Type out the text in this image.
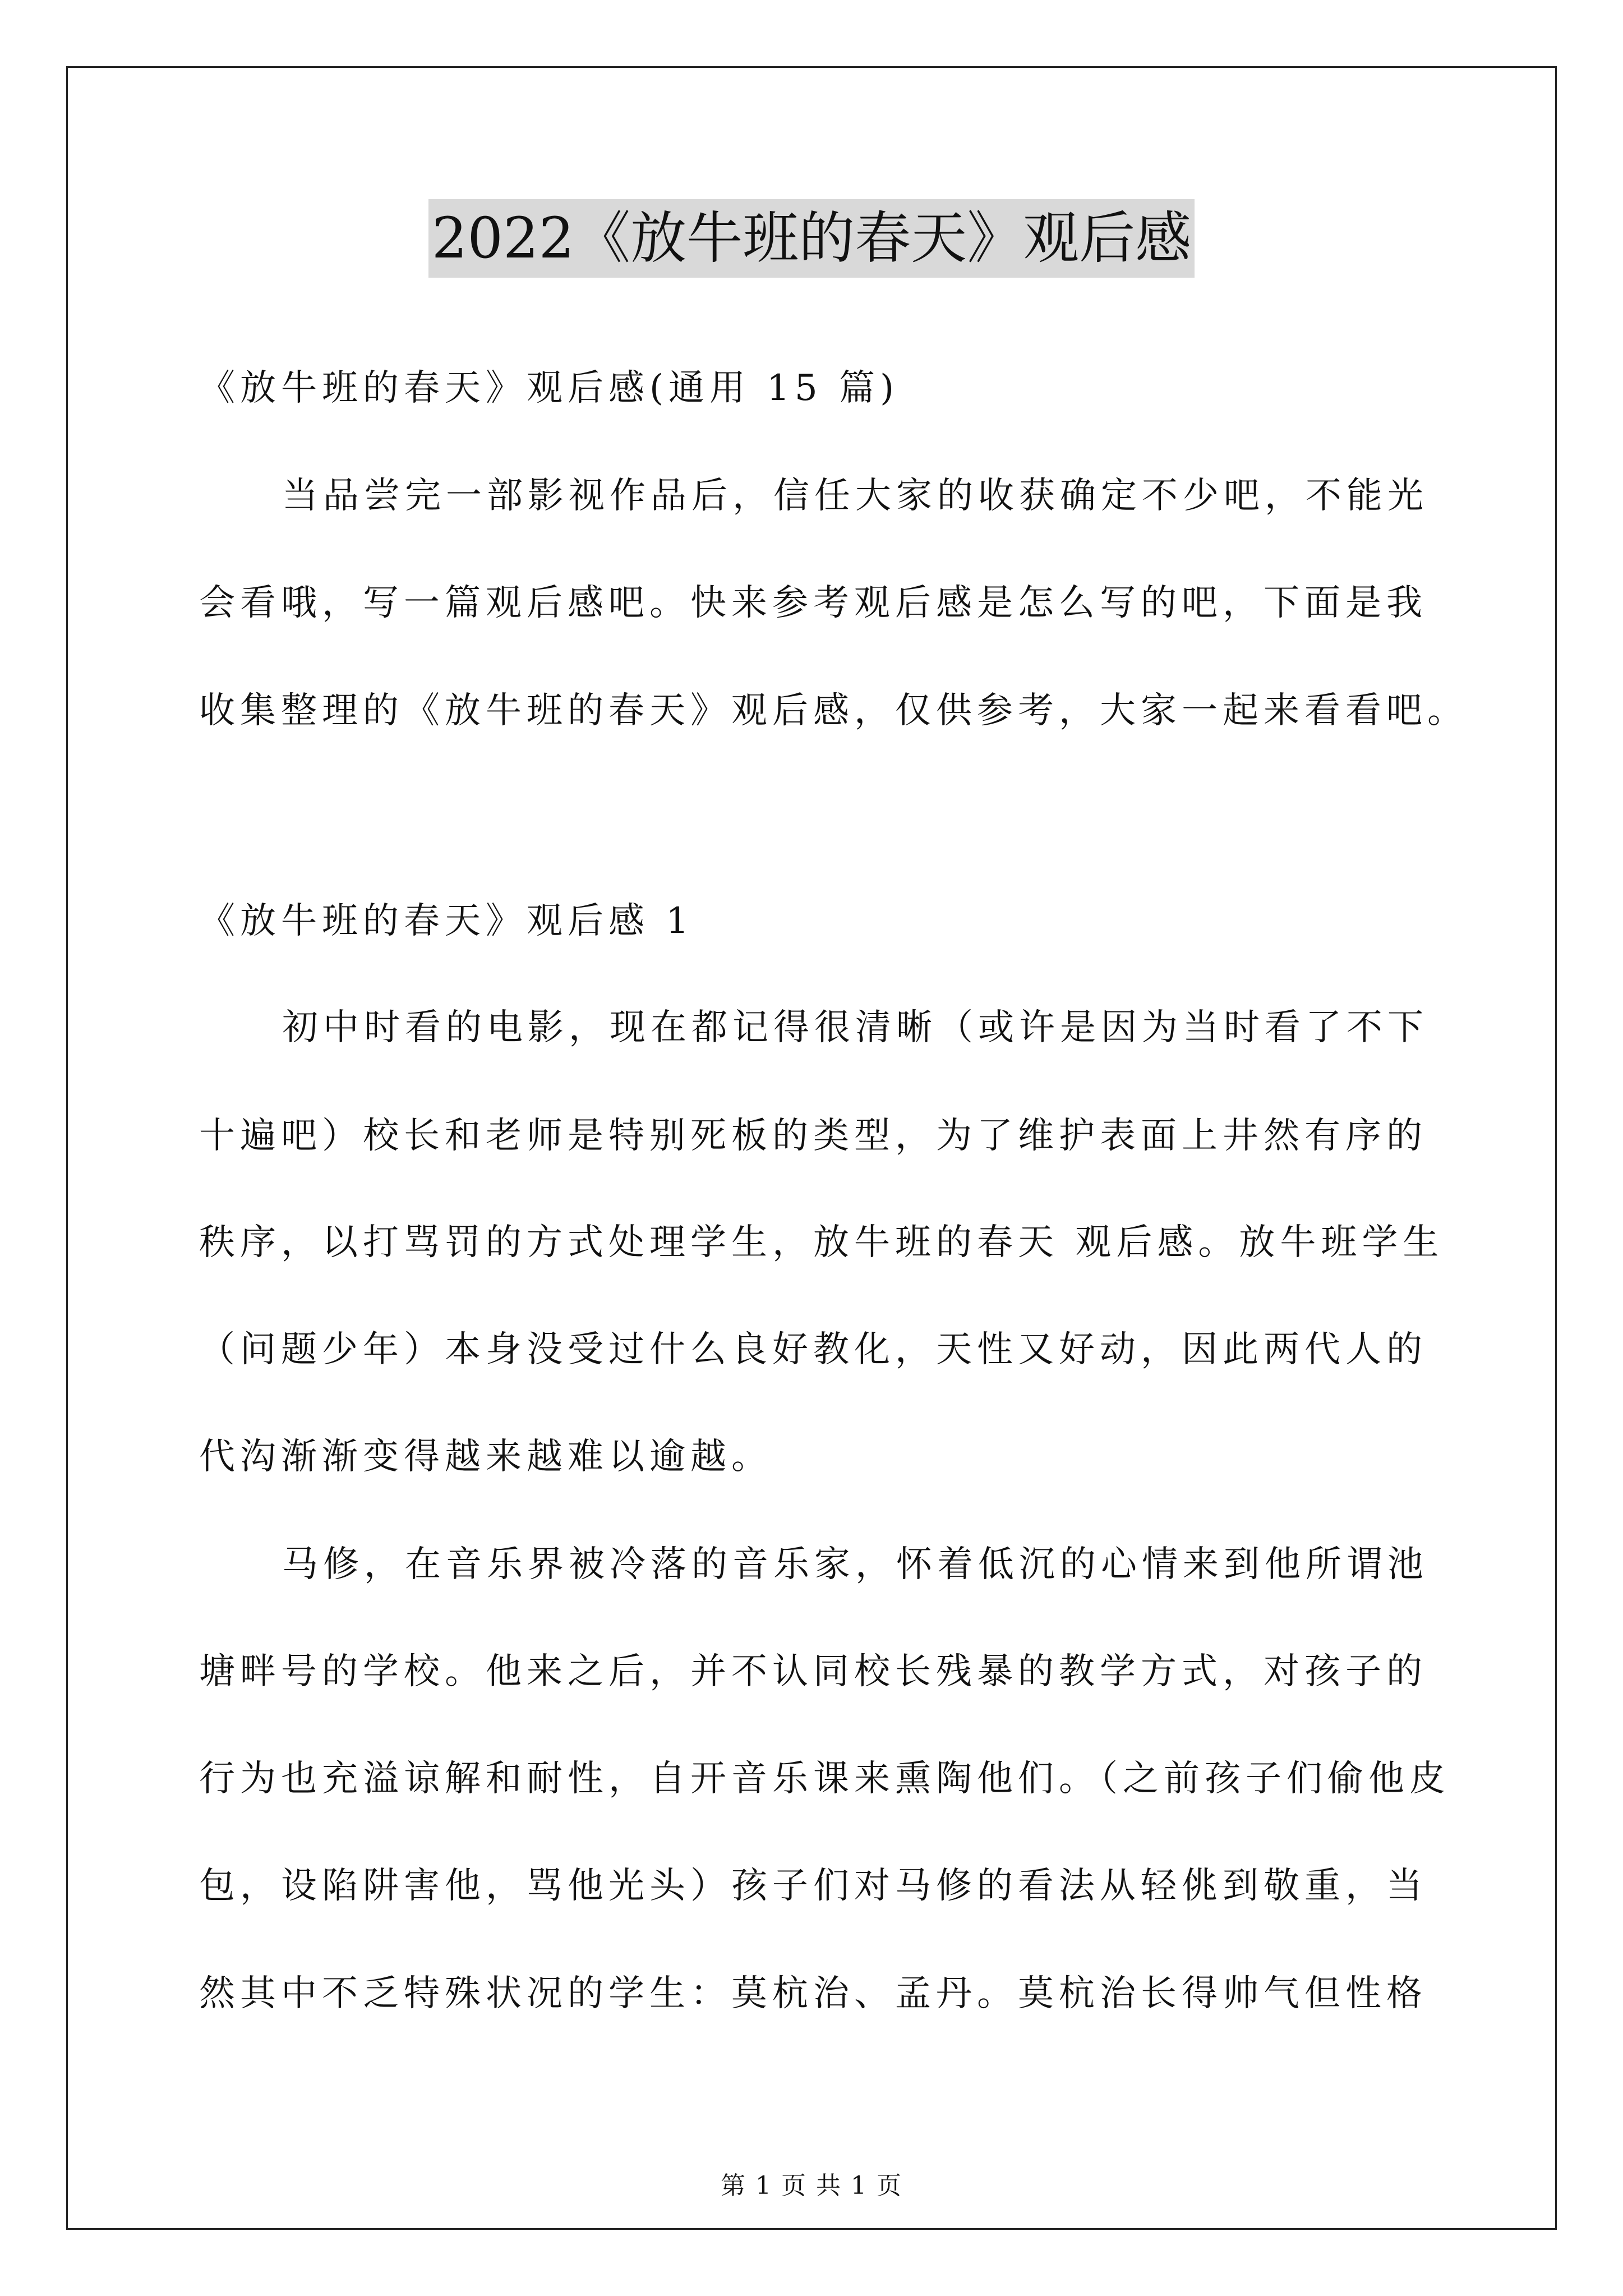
2022《放牛班的春天》观后感
《放牛班的春天》观后感(通用 15 篇)
当品尝完一部影视作品后，信任大家的收获确定不少吧，不能光
会看哦，写一篇观后感吧。快来参考观后感是怎么写的吧，下面是我
收集整理的《放牛班的春天》观后感，仅供参考，大家一起来看看吧。
《放牛班的春天》观后感 1
初中时看的电影，现在都记得很清晰（或许是因为当时看了不下
十遍吧）校长和老师是特别死板的类型，为了维护表面上井然有序的
秩序，以打骂罚的方式处理学生，放牛班的春天 观后感。放牛班学生
（问题少年）本身没受过什么良好教化，天性又好动，因此两代人的
代沟渐渐变得越来越难以逾越。
马修，在音乐界被冷落的音乐家，怀着低沉的心情来到他所谓池
塘畔号的学校。他来之后，并不认同校长残暴的教学方式，对孩子的
行为也充溢谅解和耐性，自开音乐课来熏陶他们。（之前孩子们偷他皮
包，设陷阱害他，骂他光头）孩子们对马修的看法从轻佻到敬重，当
然其中不乏特殊状况的学生：莫杭治、孟丹。莫杭治长得帅气但性格
第 1 页 共 1 页
